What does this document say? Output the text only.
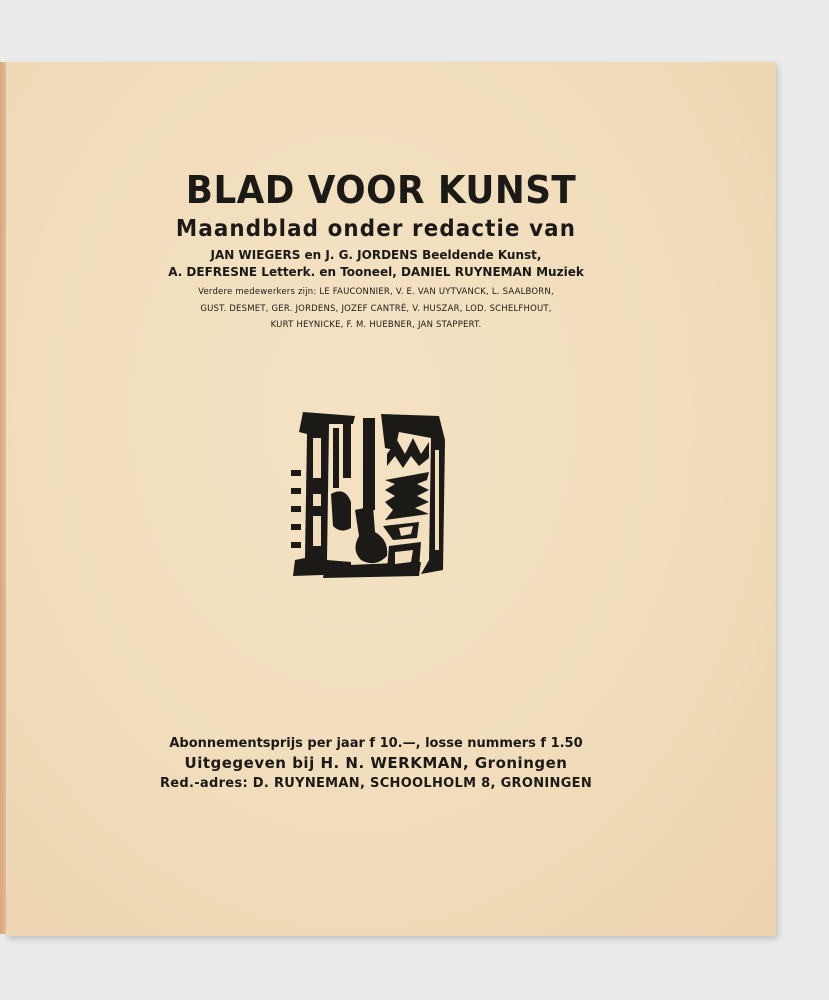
BLAD VOOR KUNST
Maandblad onder redactie van
JAN WIEGERS en J. G. JORDENS Beeldende Kunst,
A. DEFRESNE Letterk. en Tooneel, DANIEL RUYNEMAN Muziek
Verdere medewerkers zijn: LE FAUCONNIER, V. E. VAN UYTVANCK, L. SAALBORN,
GUST. DESMET, GER. JORDENS, JOZEF CANTRÉ, V. HUSZAR, LOD. SCHELFHOUT,
KURT HEYNICKE, F. M. HUEBNER, JAN STAPPERT.
Abonnementsprijs per jaar f 10.—, losse nummers f 1.50
Uitgegeven bij H. N. WERKMAN, Groningen
Red.-adres: D. RUYNEMAN, SCHOOLHOLM 8, GRONINGEN
